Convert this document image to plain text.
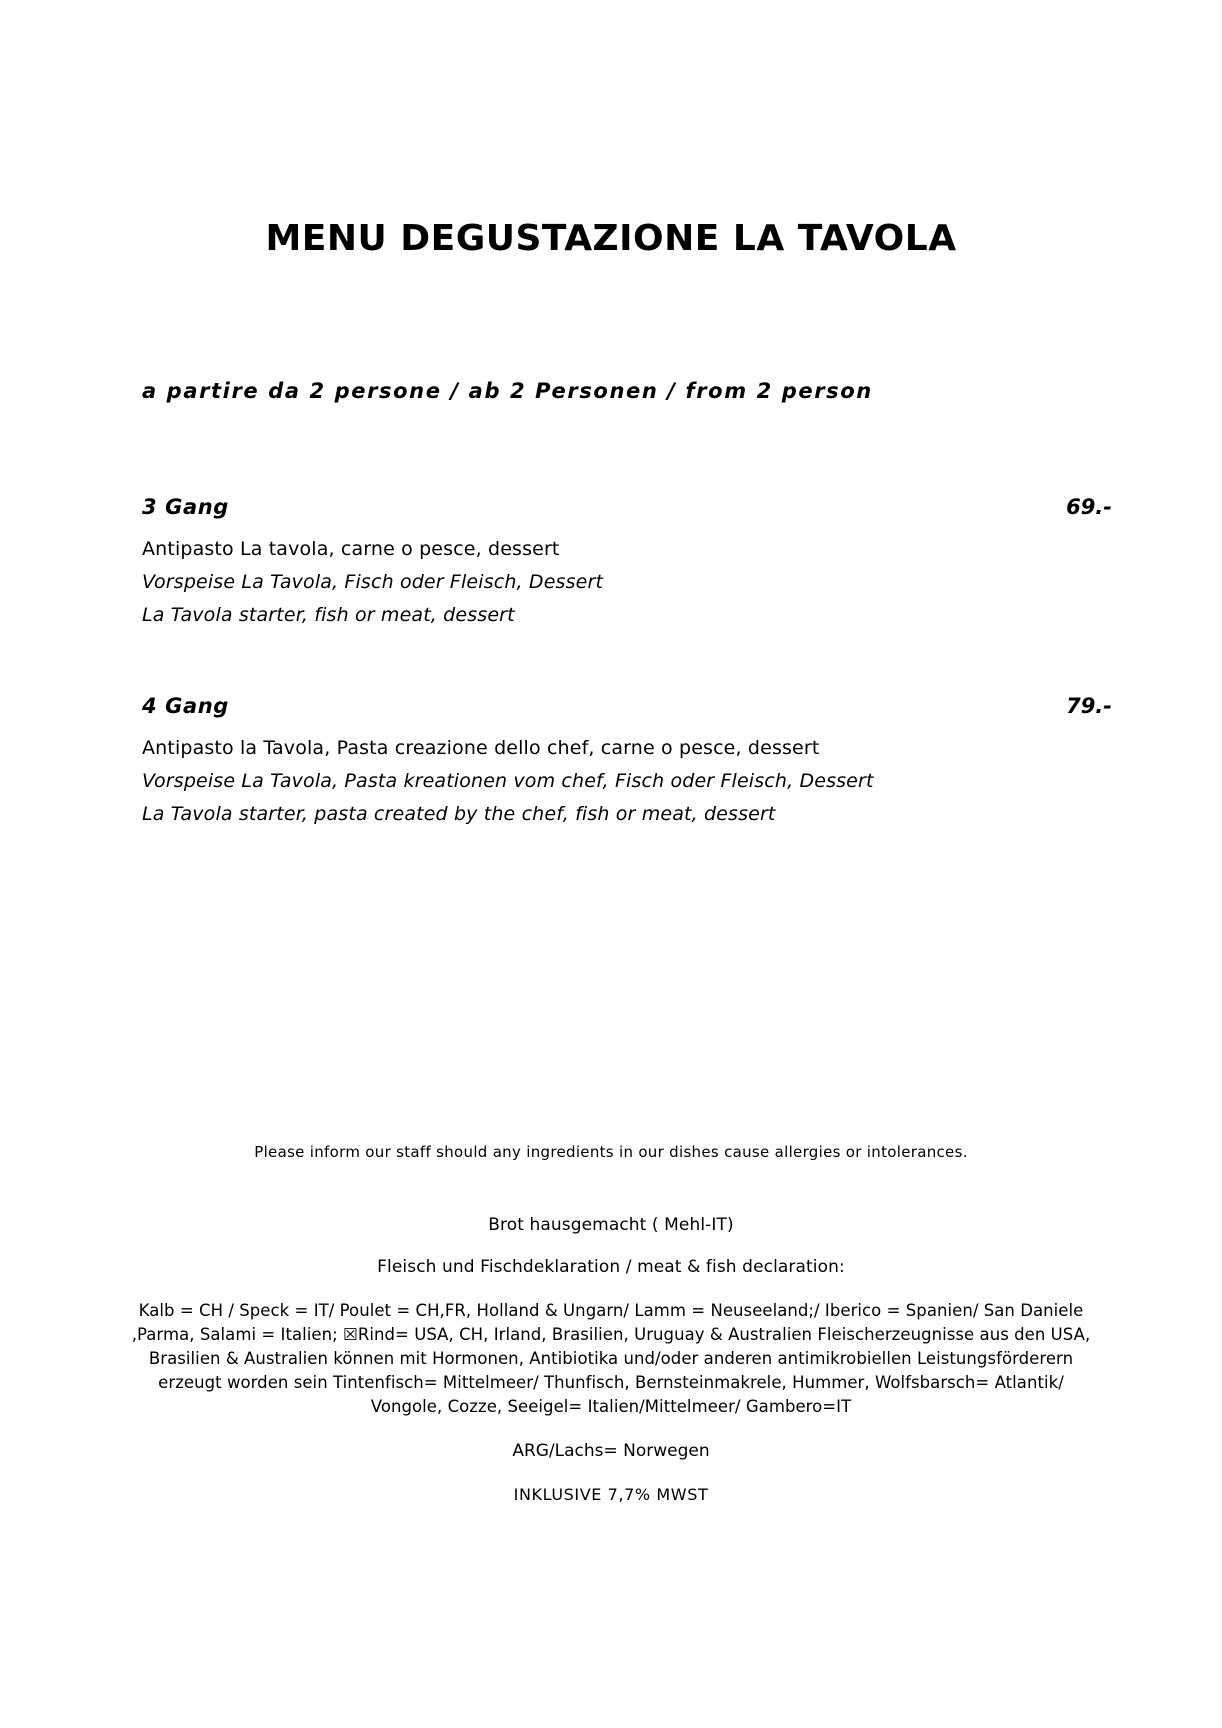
MENU DEGUSTAZIONE LA TAVOLA
a partire da 2 persone / ab 2 Personen / from 2 person
3 Gang	69.-
Antipasto La tavola, carne o pesce, dessert
Vorspeise La Tavola, Fisch oder Fleisch, Dessert
La Tavola starter, fish or meat, dessert
4 Gang	79.-
Antipasto la Tavola, Pasta creazione dello chef, carne o pesce, dessert
Vorspeise La Tavola, Pasta kreationen vom chef, Fisch oder Fleisch, Dessert
La Tavola starter, pasta created by the chef, fish or meat, dessert
Please inform our staff should any ingredients in our dishes cause allergies or intolerances.
Brot hausgemacht ( Mehl-IT)
Fleisch und Fischdeklaration / meat & fish declaration:
Kalb = CH / Speck = IT/ Poulet = CH,FR, Holland & Ungarn/ Lamm = Neuseeland;/ Iberico = Spanien/ San Daniele ,Parma, Salami = Italien; ☒Rind= USA, CH, Irland, Brasilien, Uruguay & Australien Fleischerzeugnisse aus den USA, Brasilien & Australien können mit Hormonen, Antibiotika und/oder anderen antimikrobiellen Leistungsförderern erzeugt worden sein Tintenfisch= Mittelmeer/ Thunfisch, Bernsteinmakrele, Hummer, Wolfsbarsch= Atlantik/ Vongole, Cozze, Seeigel= Italien/Mittelmeer/ Gambero=IT
ARG/Lachs= Norwegen
INKLUSIVE 7,7% MWST
